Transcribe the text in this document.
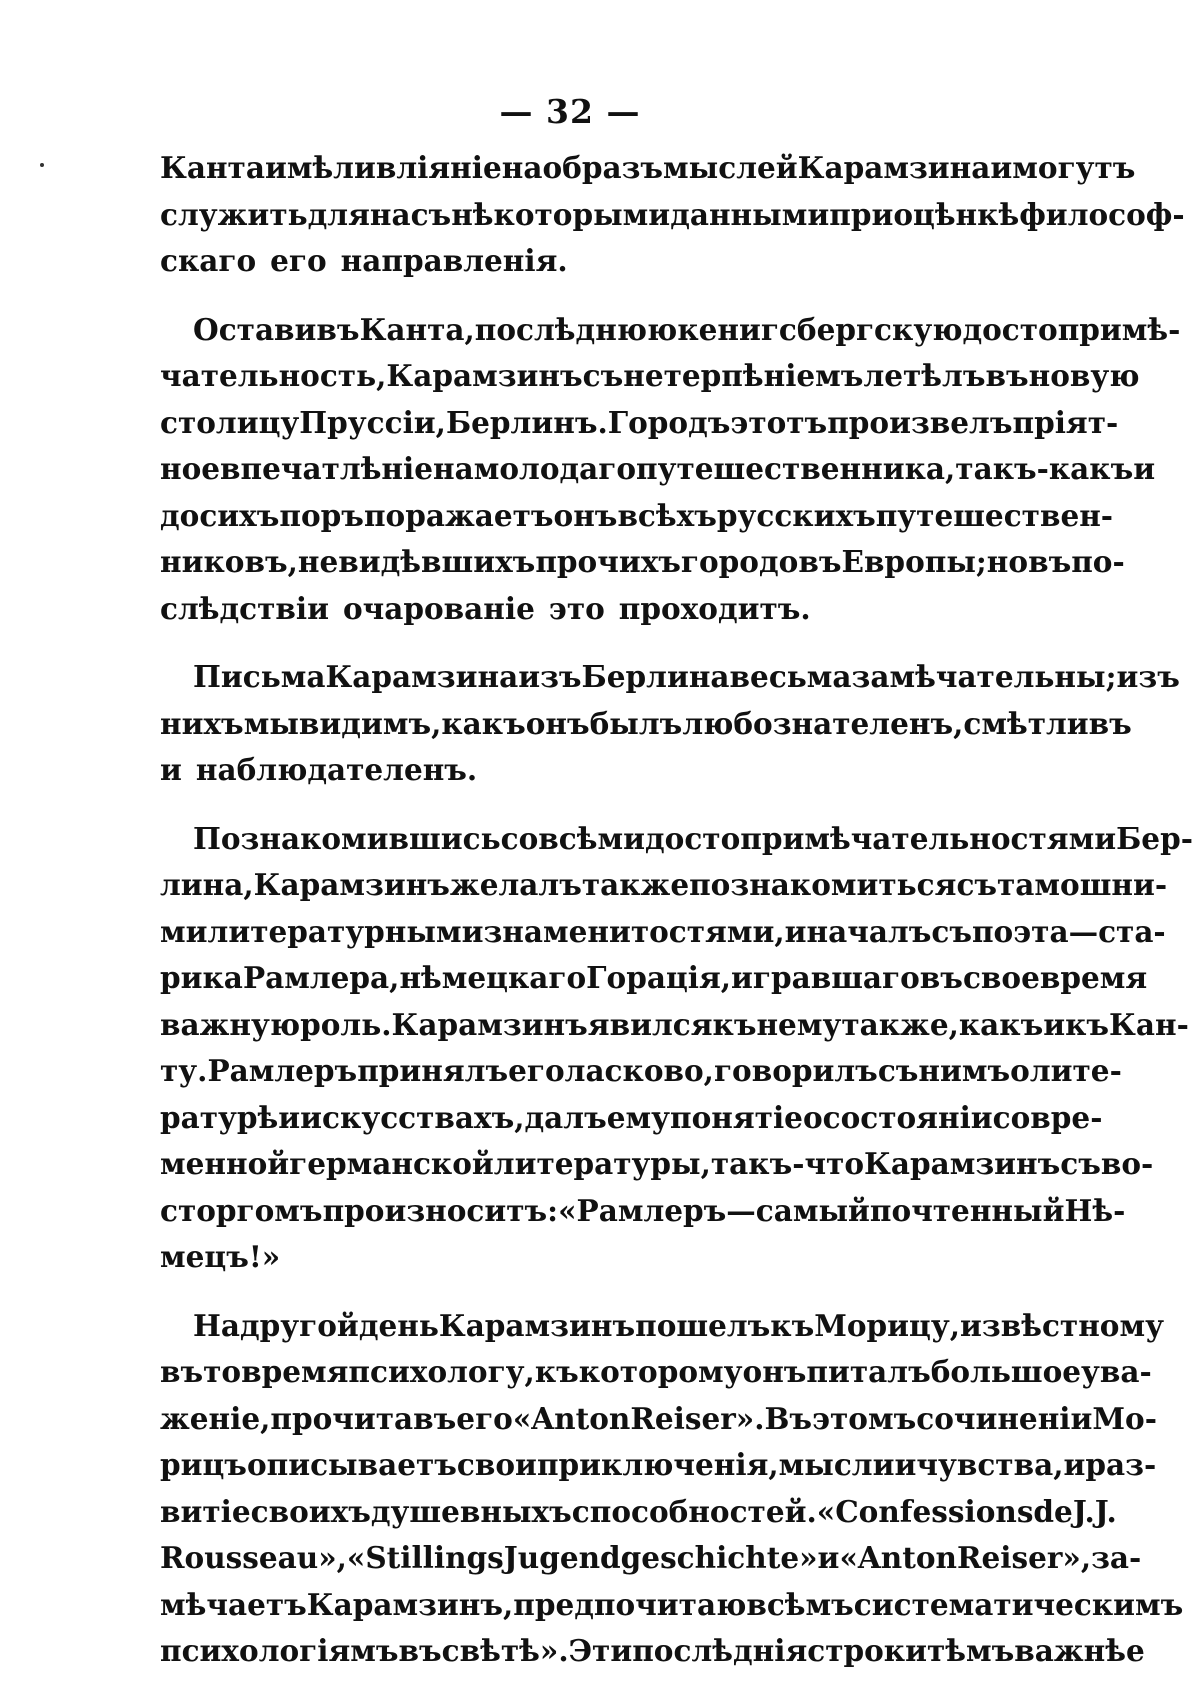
— 32 —
Канта имѣли вліяніе на образъ мыслей Карамзина и могутъ
служить для насъ нѣкоторыми данными при оцѣнкѣ философ-
скаго его направленія.
Оставивъ Канта, послѣднюю кенигсбергскую достопримѣ-
чательность, Карамзинъ съ нетерпѣніемъ летѣлъ въ новую
столицу Пруссіи, Берлинъ. Городъ этотъ произвелъ пріят-
ное впечатлѣніе на молодаго путешественника, такъ-какъ и
до сихъ поръ поражаетъ онъ всѣхъ русскихъ путешествен-
никовъ, не видѣвшихъ прочихъ городовъ Европы; но въ по-
слѣдствіи очарованіе это проходитъ.
Письма Карамзина изъ Берлина весьма замѣчательны; изъ
нихъ мы видимъ, какъ онъ былъ любознателенъ, смѣтливъ
и наблюдателенъ.
Познакомившись со всѣми достопримѣчательностями Бер-
лина, Карамзинъ желалъ также познакомиться съ тамошни-
ми литературными знаменитостями, и началъ съ поэта—ста-
рика Рамлера, нѣмецкаго Горація, игравшаго въ свое время
важную роль. Карамзинъ явился къ нему также, какъ и къ Кан-
ту. Рамлеръ принялъ его ласково, говорилъ съ нимъ о лите-
ратурѣ и искусствахъ, далъ ему понятіе о состояніи совре-
менной германской литературы, такъ-что Карамзинъ съ во-
сторгомъ произноситъ: «Рамлеръ — самый почтенный Нѣ-
мецъ!»
На другой день Карамзинъ пошелъ къ Морицу, извѣстному
въ то время психологу, къ которому онъ питалъ большое ува-
женіе, прочитавъ его «Anton Reiser». Въ этомъ сочиненіи Мо-
рицъ описываетъ свои приключенія, мысли и чувства, и раз-
витіе своихъ душевныхъ способностей. «Confessions de J. J.
Rousseau», «Stillings Jugendgeschichte» и «Anton Reiser», за-
мѣчаетъ Карамзинъ, предпочитаю всѣмъ систематическимъ
психологіямъ въ свѣтѣ». Эти послѣднія строки тѣмъ важнѣе
